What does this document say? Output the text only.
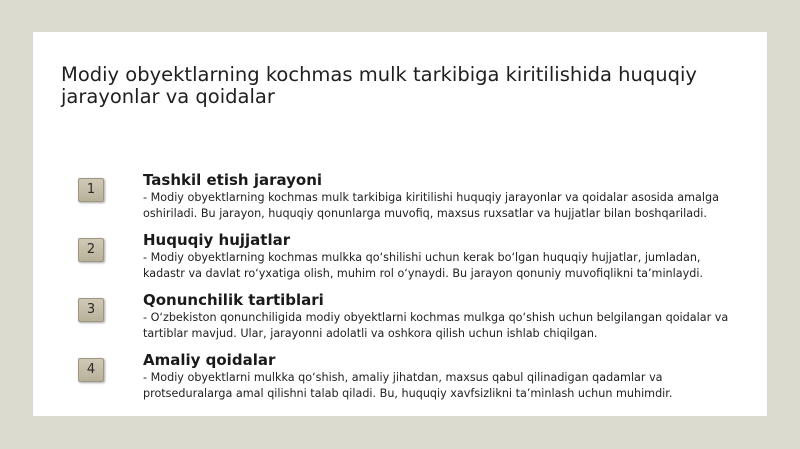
Modiy obyektlarning kochmas mulk tarkibiga kiritilishida huquqiy jarayonlar va qoidalar
1
Tashkil etish jarayoni
- Modiy obyektlarning kochmas mulk tarkibiga kiritilishi huquqiy jarayonlar va qoidalar asosida amalga oshiriladi. Bu jarayon, huquqiy qonunlarga muvofiq, maxsus ruxsatlar va hujjatlar bilan boshqariladi.
2
Huquqiy hujjatlar
- Modiy obyektlarning kochmas mulkka qo‘shilishi uchun kerak bo‘lgan huquqiy hujjatlar, jumladan, kadastr va davlat ro‘yxatiga olish, muhim rol o‘ynaydi. Bu jarayon qonuniy muvofiqlikni ta’minlaydi.
3
Qonunchilik tartiblari
- O‘zbekiston qonunchiligida modiy obyektlarni kochmas mulkga qo‘shish uchun belgilangan qoidalar va tartiblar mavjud. Ular, jarayonni adolatli va oshkora qilish uchun ishlab chiqilgan.
4
Amaliy qoidalar
- Modiy obyektlarni mulkka qo‘shish, amaliy jihatdan, maxsus qabul qilinadigan qadamlar va protseduralarga amal qilishni talab qiladi. Bu, huquqiy xavfsizlikni ta’minlash uchun muhimdir.
